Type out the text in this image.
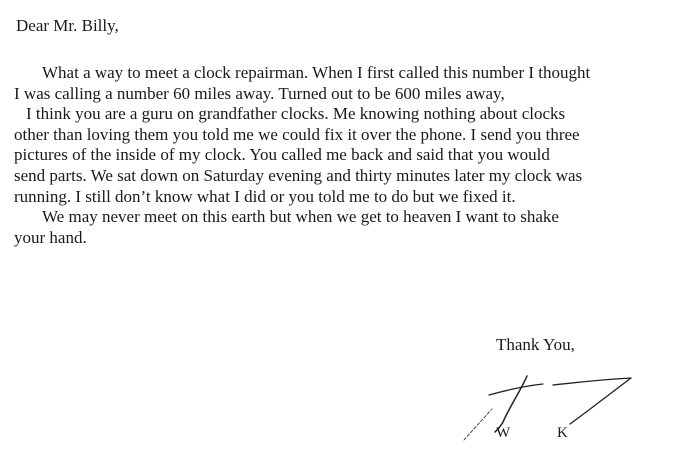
Dear Mr. Billy,

What a way to meet a clock repairman. When I first called this number I thought
I was calling a number 60 miles away. Turned out to be 600 miles away,
I think you are a guru on grandfather clocks. Me knowing nothing about clocks
other than loving them you told me we could fix it over the phone. I send you three
pictures of the inside of my clock. You called me back and said that you would
send parts. We sat down on Saturday evening and thirty minutes later my clock was
running. I still don’t know what I did or you told me to do but we fixed it.
We may never meet on this earth but when we get to heaven I want to shake
your hand.
Thank You,
W	K
